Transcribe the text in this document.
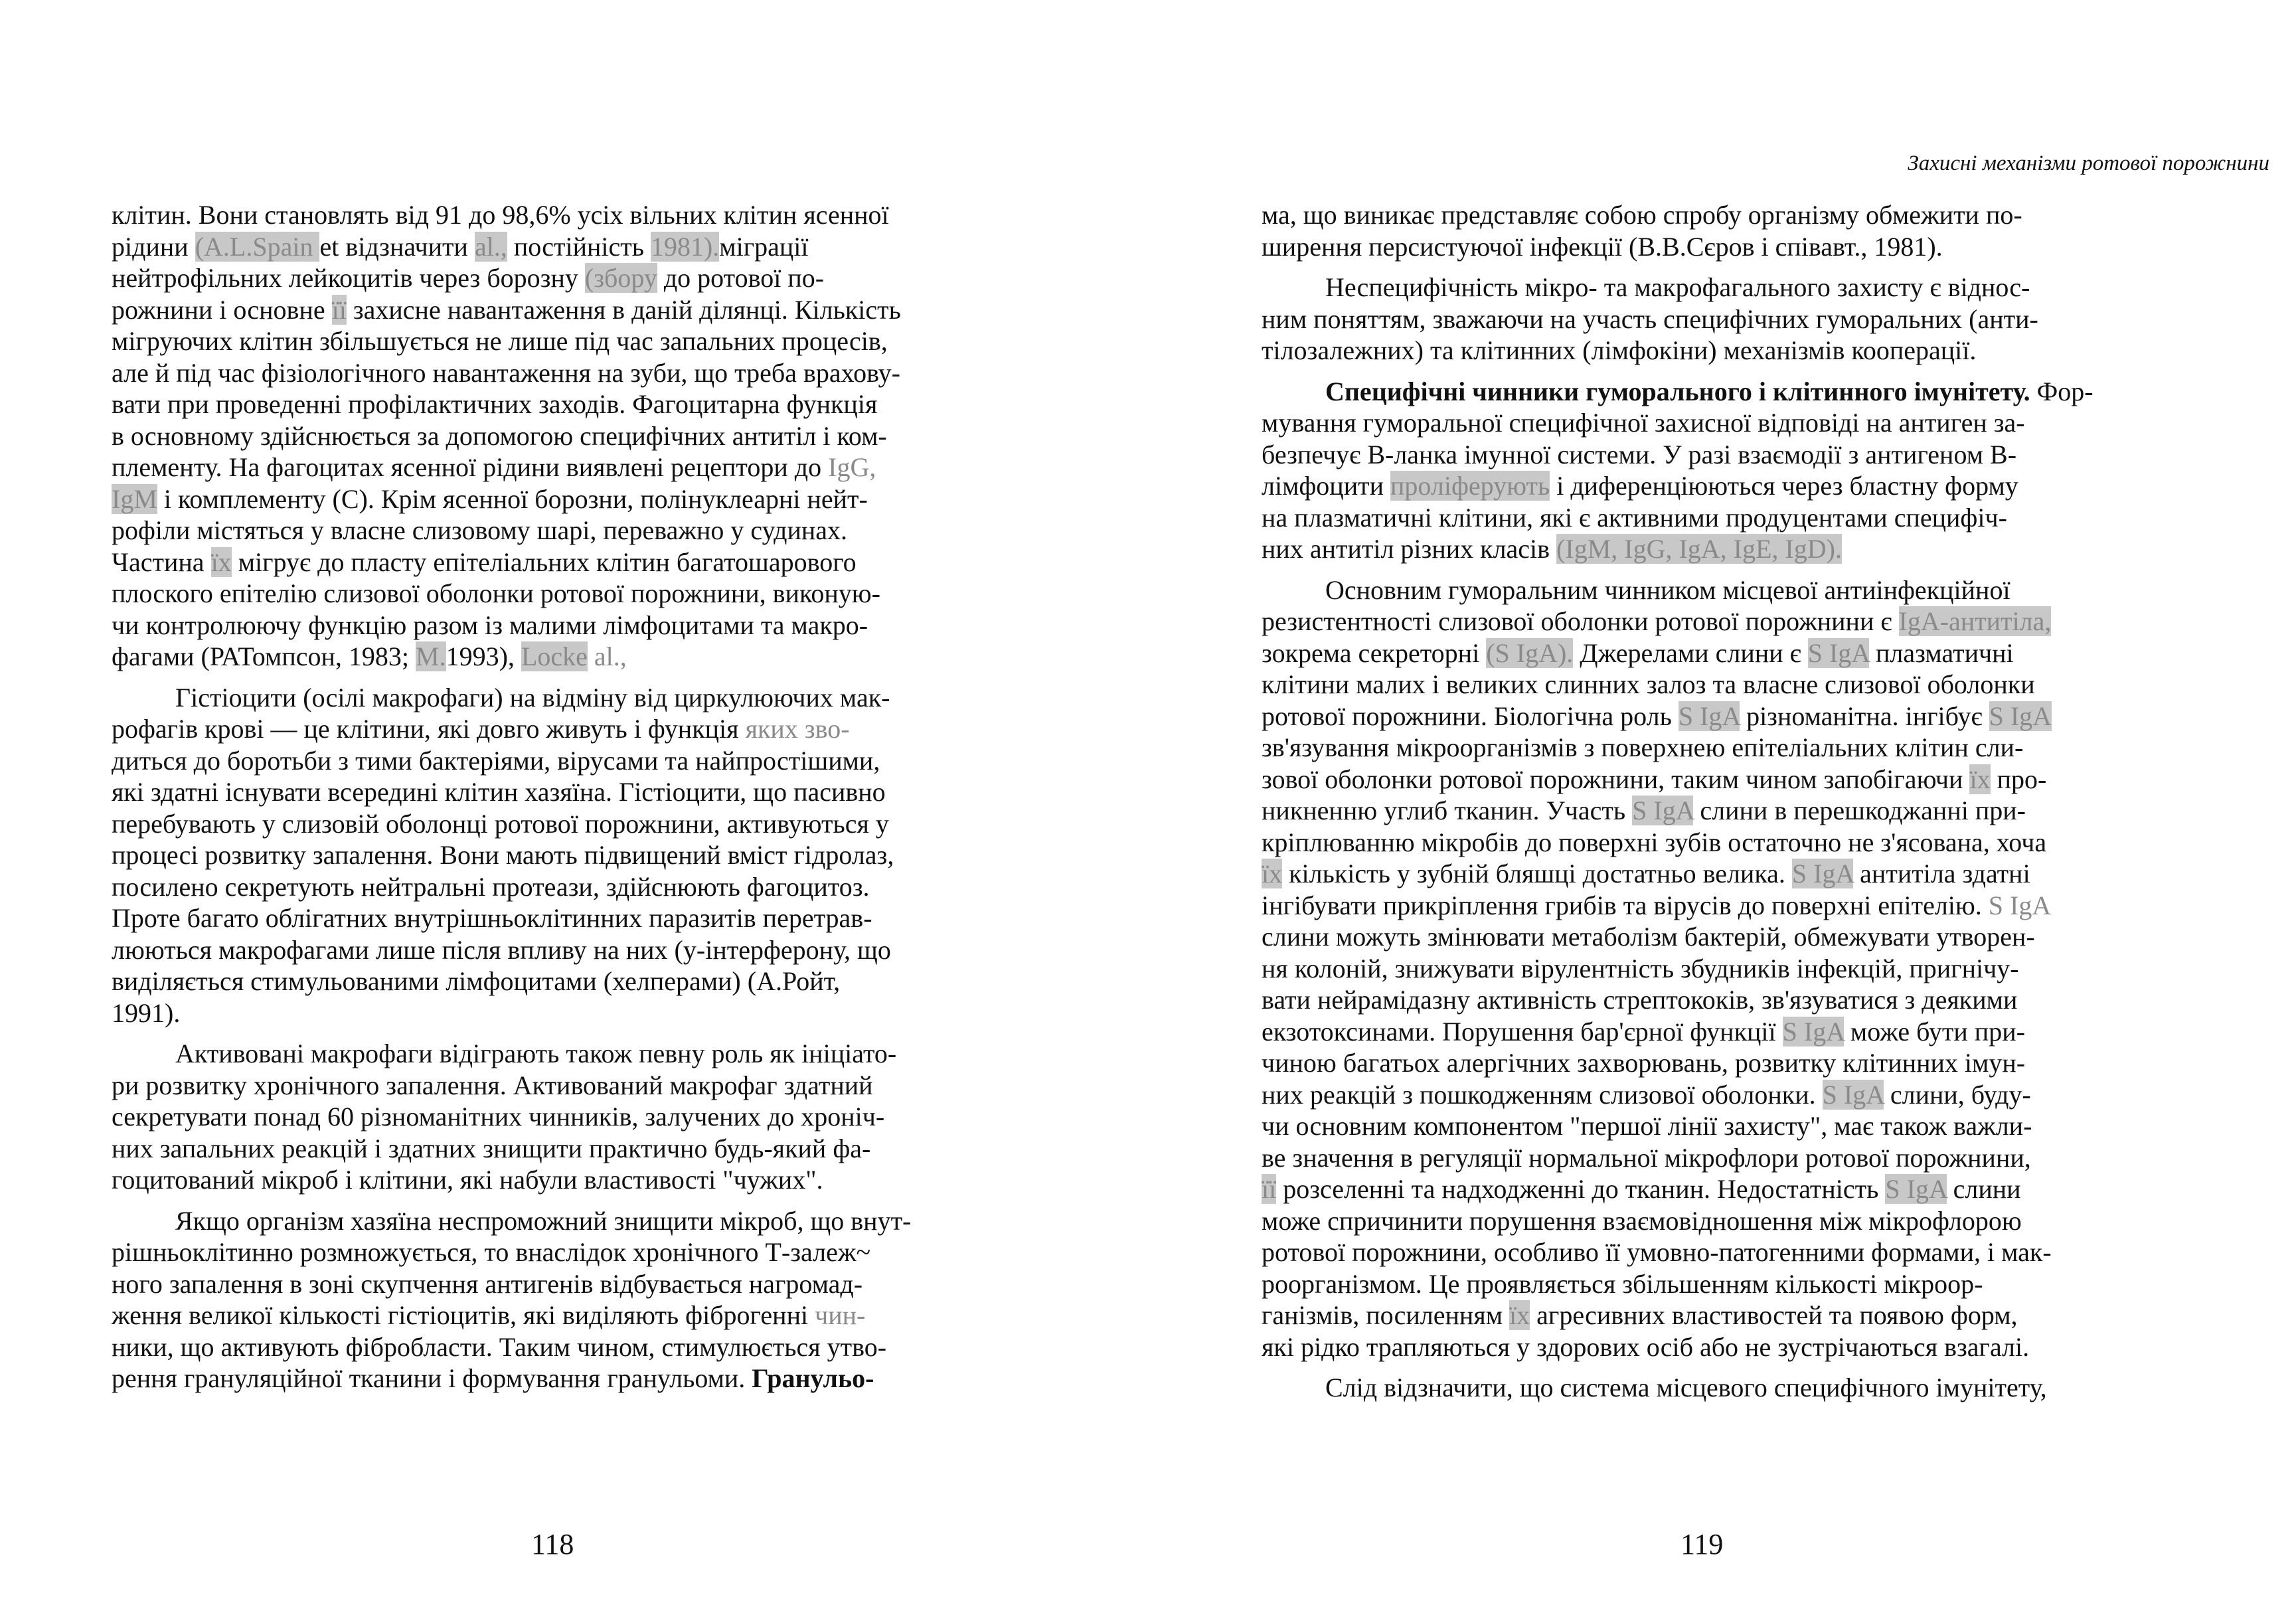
клітин. Вони становлять від 91 до 98,6% усіх вільних клітин ясенної
рідини (A.L.Spain еt відзначити al., постійність 1981).міграції
нейтрофільних лейкоцитів через борозну (збору до ротової по-
рожнини і основне її захисне навантаження в даній ділянці. Кількість
мігруючих клітин збільшується не лише під час запальних процесів,
але й під час фізіологічного навантаження на зуби, що треба врахову-
вати при проведенні профілактичних заходів. Фагоцитарна функція
в основному здійснюється за допомогою специфічних антитіл і ком-
плементу. На фагоцитах ясенної рідини виявлені рецептори до IgG,
IgM і комплементу (С). Крім ясенної борозни, полінуклеарні нейт-
рофіли містяться у власне слизовому шарі, переважно у судинах.
Частина їх мігрує до пласту епітеліальних клітин багатошарового
плоского епітелію слизової оболонки ротової порожнини, виконую-
чи контролюючу функцію разом із малими лімфоцитами та макро-
фагами (РАТомпсон, 1983; М.1993), Locke al.,
Гістіоцити (осілі макрофаги) на відміну від циркулюючих мак-
рофагів крові — це клітини, які довго живуть і функція яких зво-
диться до боротьби з тими бактеріями, вірусами та найпростішими,
які здатні існувати всередині клітин хазяїна. Гістіоцити, що пасивно
перебувають у слизовій оболонці ротової порожнини, активуються у
процесі розвитку запалення. Вони мають підвищений вміст гідролаз,
посилено секретують нейтральні протеази, здійснюють фагоцитоз.
Проте багато облігатних внутрішньоклітинних паразитів перетрав-
люються макрофагами лише після впливу на них (у-інтерферону, що
виділяється стимульованими лімфоцитами (хелперами) (А.Ройт,
1991).
Активовані макрофаги відіграють також певну роль як ініціато-
ри розвитку хронічного запалення. Активований макрофаг здатний
секретувати понад 60 різноманітних чинників, залучених до хроніч-
них запальних реакцій і здатних знищити практично будь-який фа-
гоцитований мікроб і клітини, які набули властивості "чужих".
Якщо організм хазяїна неспроможний знищити мікроб, що внут-
рішньоклітинно розмножується, то внаслідок хронічного Т-залеж~
ного запалення в зоні скупчення антигенів відбувається нагромад-
ження великої кількості гістіоцитів, які виділяють фіброгенні чин-
ники, що активують фібробласти. Таким чином, стимулюється утво-
рення грануляційної тканини і формування гранульоми. Гранульо-
118
Захисні механізми ротової порожнини
ма, що виникає представляє собою спробу організму обмежити по-
ширення персистуючої інфекції (В.В.Сєров і співавт., 1981).
Неспецифічність мікро- та макрофагального захисту є віднос-
ним поняттям, зважаючи на участь специфічних гуморальних (анти-
тілозалежних) та клітинних (лімфокіни) механізмів кооперації.
Специфічні чинники гуморального і клітинного імунітету. Фор-
мування гуморальної специфічної захисної відповіді на антиген за-
безпечує В-ланка імунної системи. У разі взаємодії з антигеном В-
лімфоцити проліферують і диференціюються через бластну форму
на плазматичні клітини, які є активними продуцентами специфіч-
них антитіл різних класів (IgM, IgG, IgA, IgE, IgD).
Основним гуморальним чинником місцевої антиінфекційної
резистентності слизової оболонки ротової порожнини є IgA-антитіла,
зокрема секреторні (S IgA). Джерелами слини є S IgA плазматичні
клітини малих і великих слинних залоз та власне слизової оболонки
ротової порожнини. Біологічна роль S IgA різноманітна. інгібує S IgA
зв'язування мікроорганізмів з поверхнею епітеліальних клітин сли-
зової оболонки ротової порожнини, таким чином запобігаючи їх про-
никненню углиб тканин. Участь S IgA слини в перешкоджанні при-
кріплюванню мікробів до поверхні зубів остаточно не з'ясована, хоча
їх кількість у зубній бляшці достатньо велика. S IgA антитіла здатні
інгібувати прикріплення грибів та вірусів до поверхні епітелію. S IgA
слини можуть змінювати метаболізм бактерій, обмежувати утворен-
ня колоній, знижувати вірулентність збудників інфекцій, пригнічу-
вати нейрамідазну активність стрептококів, зв'язуватися з деякими
екзотоксинами. Порушення бар'єрної функції S IgA може бути при-
чиною багатьох алергічних захворювань, розвитку клітинних імун-
них реакцій з пошкодженням слизової оболонки. S IgA слини, буду-
чи основним компонентом "першої лінії захисту", має також важли-
ве значення в регуляції нормальної мікрофлори ротової порожнини,
її розселенні та надходженні до тканин. Недостатність S IgA слини
може спричинити порушення взаємовідношення між мікрофлорою
ротової порожнини, особливо її умовно-патогенними формами, і мак-
роорганізмом. Це проявляється збільшенням кількості мікроор-
ганізмів, посиленням їх агресивних властивостей та появою форм,
які рідко трапляються у здорових осіб або не зустрічаються взагалі.
Слід відзначити, що система місцевого специфічного імунітету,
119
